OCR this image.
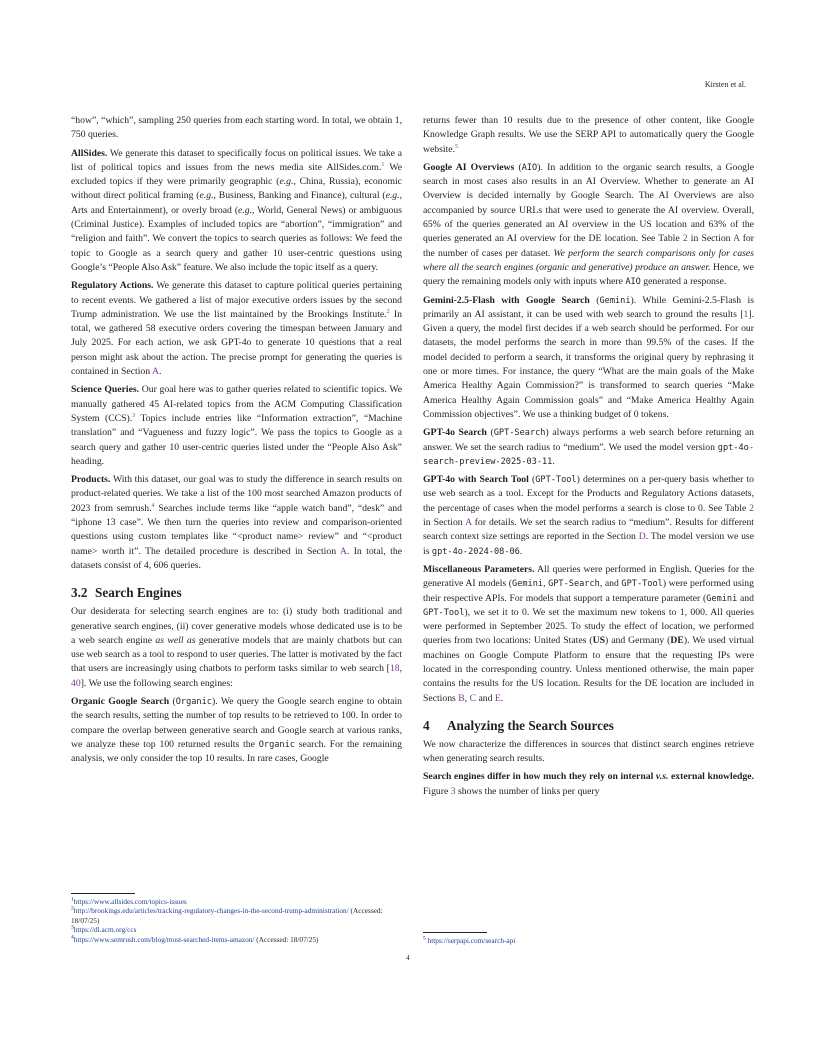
Kirsten et al.

“how”, “which”, sampling 250 queries from each starting word. In total, we obtain 1, 750 queries.

AllSides. We generate this dataset to specifically focus on political issues. We take a list of political topics and issues from the news media site AllSides.com.$^1$ We excluded topics if they were primarily geographic (e.g., China, Russia), economic without direct political framing (e.g., Business, Banking and Finance), cultural (e.g., Arts and Entertainment), or overly broad (e.g., World, General News) or ambiguous (Criminal Justice). Examples of included topics are “abortion”, “immigration” and “religion and faith”. We convert the topics to search queries as follows: We feed the topic to Google as a search query and gather 10 user-centric questions using Google’s “People Also Ask” feature. We also include the topic itself as a query.

Regulatory Actions. We generate this dataset to capture political queries pertaining to recent events. We gathered a list of major executive orders issues by the second Trump administration. We use the list maintained by the Brookings Institute.$^2$ In total, we gathered 58 executive orders covering the timespan between January and July 2025. For each action, we ask GPT-4o to generate 10 questions that a real person might ask about the action. The precise prompt for generating the queries is contained in Section A.

Science Queries. Our goal here was to gather queries related to scientific topics. We manually gathered 45 AI-related topics from the ACM Computing Classification System (CCS).$^3$ Topics include entries like “Information extraction”, “Machine translation” and “Vagueness and fuzzy logic”. We pass the topics to Google as a search query and gather 10 user-centric queries listed under the “People Also Ask” heading.

Products. With this dataset, our goal was to study the difference in search results on product-related queries. We take a list of the 100 most searched Amazon products of 2023 from semrush.$^4$ Searches include terms like “apple watch band”, “desk” and “iphone 13 case”. We then turn the queries into review and comparison-oriented questions using custom templates like “<product name> review” and “<product name> worth it”. The detailed procedure is described in Section A. In total, the datasets consist of 4, 606 queries.

3.2 Search Engines

Our desiderata for selecting search engines are to: (i) study both traditional and generative search engines, (ii) cover generative models whose dedicated use is to be a web search engine as well as generative models that are mainly chatbots but can use web search as a tool to respond to user queries. The latter is motivated by the fact that users are increasingly using chatbots to perform tasks similar to web search [18, 40]. We use the following search engines:

Organic Google Search (Organic). We query the Google search engine to obtain the search results, setting the number of top results to be retrieved to 100. In order to compare the overlap between generative search and Google search at various ranks, we analyze these top 100 returned results the Organic search. For the remaining analysis, we only consider the top 10 results. In rare cases, Google

returns fewer than 10 results due to the presence of other content, like Google Knowledge Graph results. We use the SERP API to automatically query the Google website.$^5$

Google AI Overviews (AIO). In addition to the organic search results, a Google search in most cases also results in an AI Overview. Whether to generate an AI Overview is decided internally by Google Search. The AI Overviews are also accompanied by source URLs that were used to generate the AI overview. Overall, 65% of the queries generated an AI overview in the US location and 63% of the queries generated an AI overview for the DE location. See Table 2 in Section A for the number of cases per dataset. We perform the search comparisons only for cases where all the search engines (organic and generative) produce an answer. Hence, we query the remaining models only with inputs where AIO generated a response.

Gemini-2.5-Flash with Google Search (Gemini). While Gemini-2.5-Flash is primarily an AI assistant, it can be used with web search to ground the results [1]. Given a query, the model first decides if a web search should be performed. For our datasets, the model performs the search in more than 99.5% of the cases. If the model decided to perform a search, it transforms the original query by rephrasing it one or more times. For instance, the query “What are the main goals of the Make America Healthy Again Commission?” is transformed to search queries “Make America Healthy Again Commission goals” and “Make America Healthy Again Commission objectives”. We use a thinking budget of 0 tokens.

GPT-4o Search (GPT-Search) always performs a web search before returning an answer. We set the search radius to “medium”. We used the model version gpt-4o-search-preview-2025-03-11.

GPT-4o with Search Tool (GPT-Tool) determines on a per-query basis whether to use web search as a tool. Except for the Products and Regulatory Actions datasets, the percentage of cases when the model performs a search is close to 0. See Table 2 in Section A for details. We set the search radius to “medium”. Results for different search context size settings are reported in the Section D. The model version we use is gpt-4o-2024-08-06.

Miscellaneous Parameters. All queries were performed in English. Queries for the generative AI models (Gemini, GPT-Search, and GPT-Tool) were performed using their respective APIs. For models that support a temperature parameter (Gemini and GPT-Tool), we set it to 0. We set the maximum new tokens to 1, 000. All queries were performed in September 2025. To study the effect of location, we performed queries from two locations: United States (US) and Germany (DE). We used virtual machines on Google Compute Platform to ensure that the requesting IPs were located in the corresponding country. Unless mentioned otherwise, the main paper contains the results for the US location. Results for the DE location are included in Sections B, C and E.

4 Analyzing the Search Sources

We now characterize the differences in sources that distinct search engines retrieve when generating search results.

Search engines differ in how much they rely on internal v.s. external knowledge. Figure 3 shows the number of links per query

$^1$https://www.allsides.com/topics-issues
$^2$http://brookings.edu/articles/tracking-regulatory-changes-in-the-second-trump-administration/ (Accessed: 18/07/25)
$^3$https://dl.acm.org/ccs
$^4$https://www.semrush.com/blog/most-searched-items-amazon/ (Accessed: 18/07/25)	$^5$ https://serpapi.com/search-api
4
